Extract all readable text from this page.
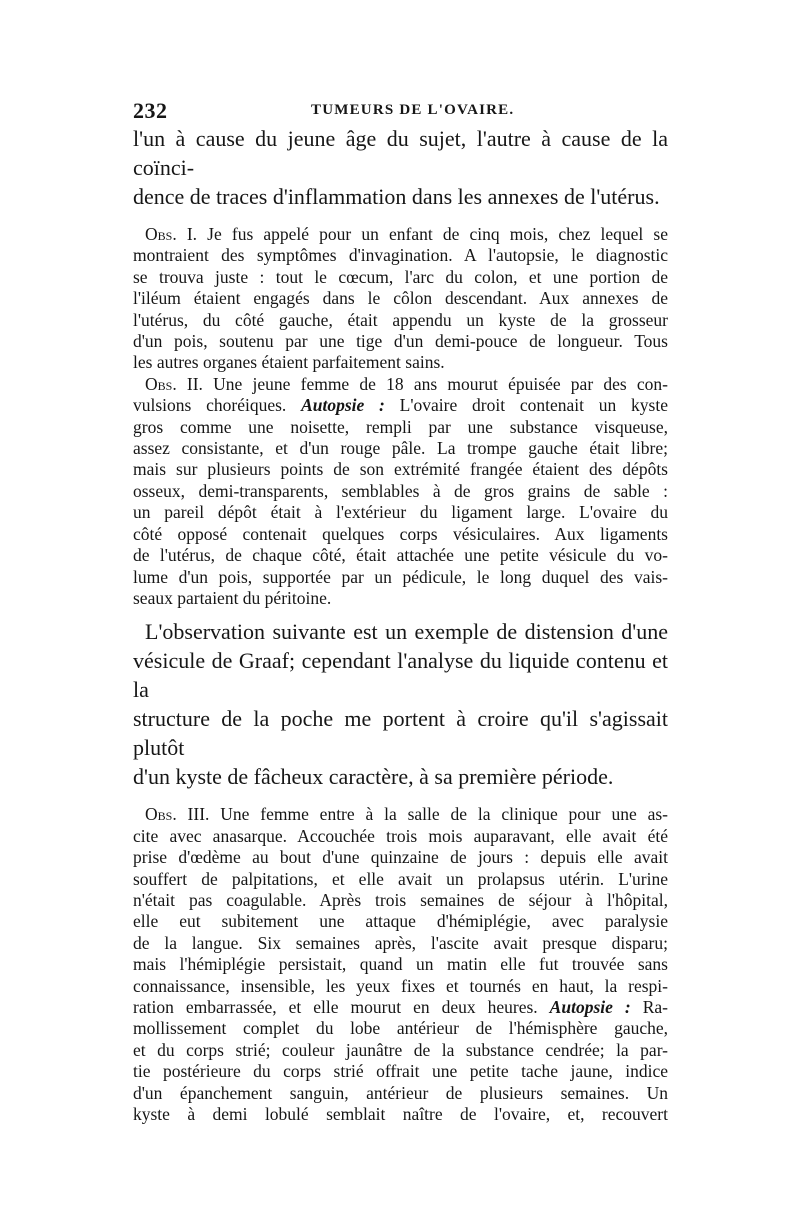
232	TUMEURS DE L'OVAIRE.

l'un à cause du jeune âge du sujet, l'autre à cause de la coïnci-

dence de traces d'inflammation dans les annexes de l'utérus.

Obs. I. Je fus appelé pour un enfant de cinq mois, chez lequel se

montraient des symptômes d'invagination. A l'autopsie, le diagnostic

se trouva juste : tout le cœcum, l'arc du colon, et une portion de

l'iléum étaient engagés dans le côlon descendant. Aux annexes de

l'utérus, du côté gauche, était appendu un kyste de la grosseur

d'un pois, soutenu par une tige d'un demi-pouce de longueur. Tous

les autres organes étaient parfaitement sains.

Obs. II. Une jeune femme de 18 ans mourut épuisée par des con-

vulsions choréiques. Autopsie : L'ovaire droit contenait un kyste

gros comme une noisette, rempli par une substance visqueuse,

assez consistante, et d'un rouge pâle. La trompe gauche était libre;

mais sur plusieurs points de son extrémité frangée étaient des dépôts

osseux, demi-transparents, semblables à de gros grains de sable :

un pareil dépôt était à l'extérieur du ligament large. L'ovaire du

côté opposé contenait quelques corps vésiculaires. Aux ligaments

de l'utérus, de chaque côté, était attachée une petite vésicule du vo-

lume d'un pois, supportée par un pédicule, le long duquel des vais-

seaux partaient du péritoine.

L'observation suivante est un exemple de distension d'une

vésicule de Graaf; cependant l'analyse du liquide contenu et la

structure de la poche me portent à croire qu'il s'agissait plutôt

d'un kyste de fâcheux caractère, à sa première période.

Obs. III. Une femme entre à la salle de la clinique pour une as-

cite avec anasarque. Accouchée trois mois auparavant, elle avait été

prise d'œdème au bout d'une quinzaine de jours : depuis elle avait

souffert de palpitations, et elle avait un prolapsus utérin. L'urine

n'était pas coagulable. Après trois semaines de séjour à l'hôpital,

elle eut subitement une attaque d'hémiplégie, avec paralysie

de la langue. Six semaines après, l'ascite avait presque disparu;

mais l'hémiplégie persistait, quand un matin elle fut trouvée sans

connaissance, insensible, les yeux fixes et tournés en haut, la respi-

ration embarrassée, et elle mourut en deux heures. Autopsie : Ra-

mollissement complet du lobe antérieur de l'hémisphère gauche,

et du corps strié; couleur jaunâtre de la substance cendrée; la par-

tie postérieure du corps strié offrait une petite tache jaune, indice

d'un épanchement sanguin, antérieur de plusieurs semaines. Un

kyste à demi lobulé semblait naître de l'ovaire, et, recouvert
